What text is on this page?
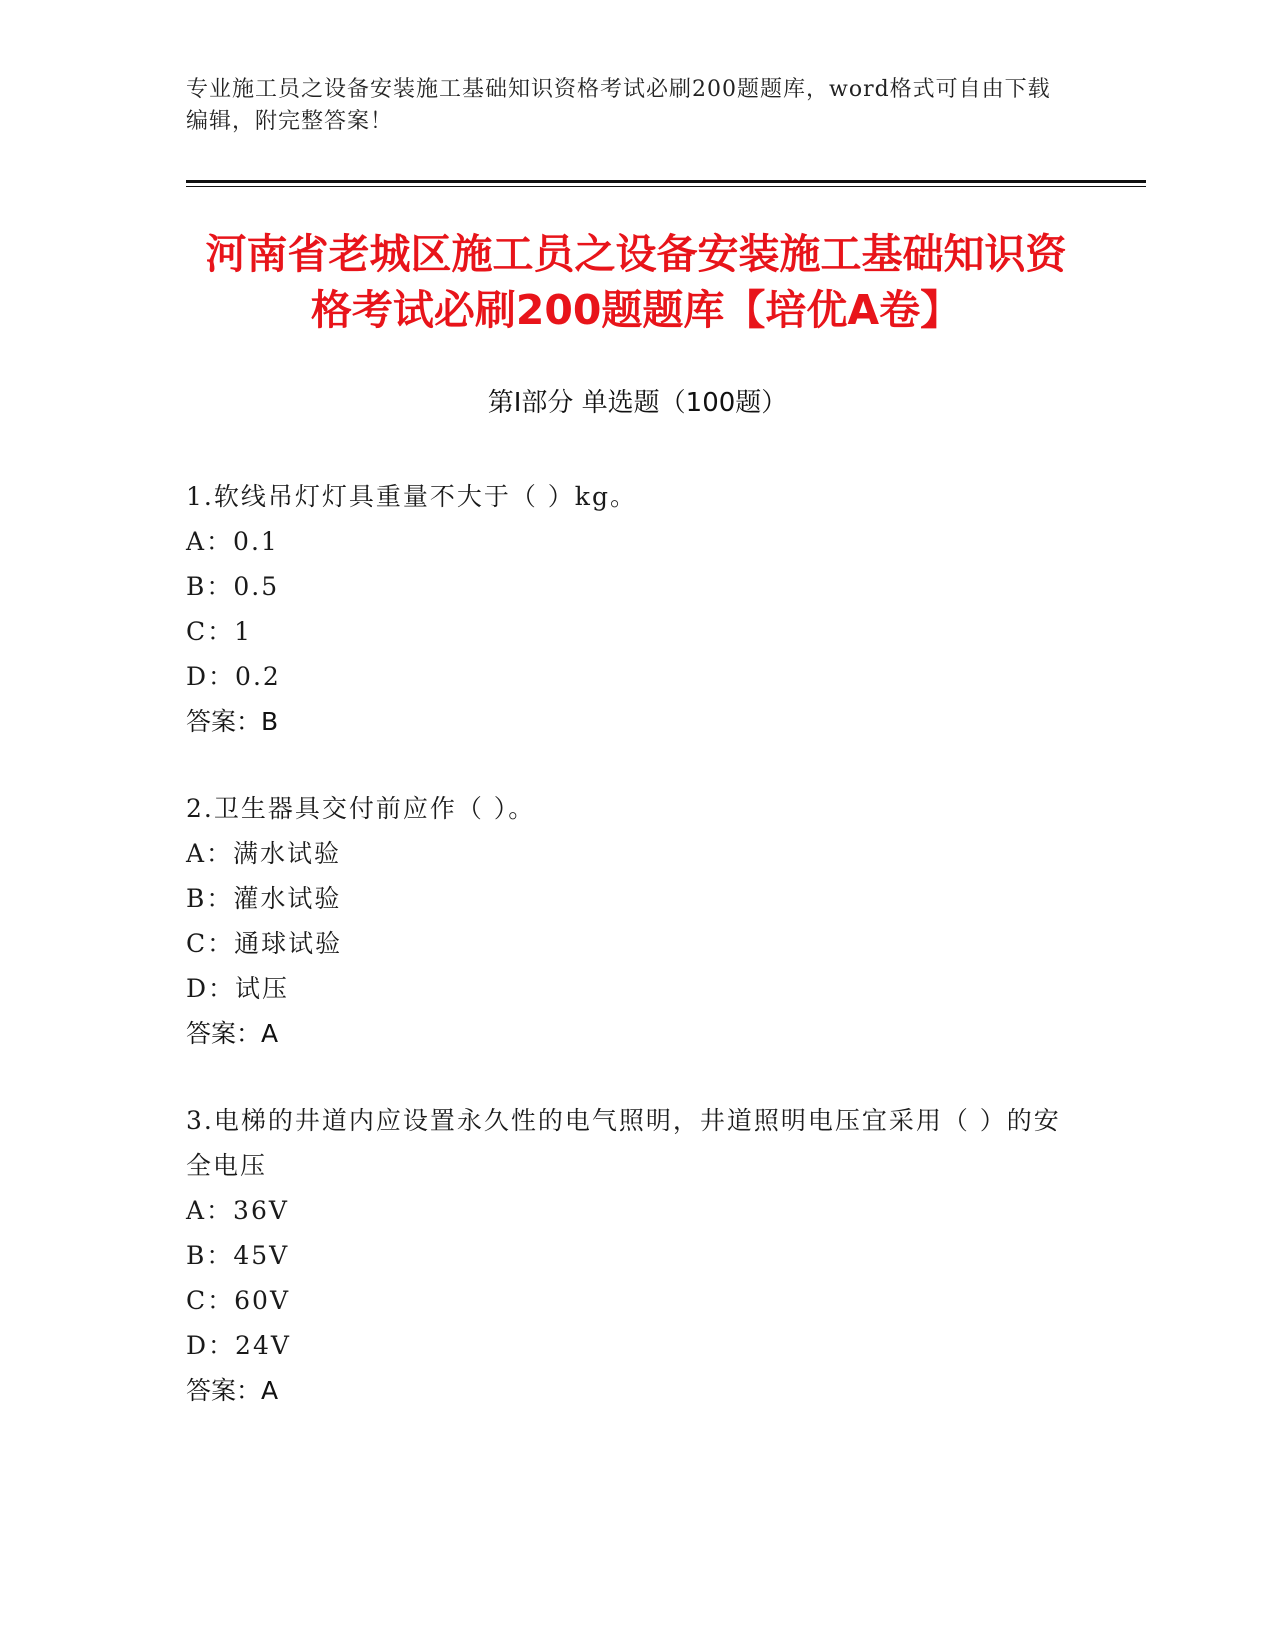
专业施工员之设备安装施工基础知识资格考试必刷200题题库，word格式可自由下载编辑，附完整答案！
河南省老城区施工员之设备安装施工基础知识资格考试必刷200题题库【培优A卷】
第Ⅰ部分 单选题（100题）
1.软线吊灯灯具重量不大于（ ）kg。
A：0.1
B：0.5
C：1
D：0.2
答案：B
2.卫生器具交付前应作（ ）。
A：满水试验
B：灌水试验
C：通球试验
D：试压
答案：A
3.电梯的井道内应设置永久性的电气照明，井道照明电压宜采用（ ）的安全电压
A：36V
B：45V
C：60V
D：24V
答案：A
